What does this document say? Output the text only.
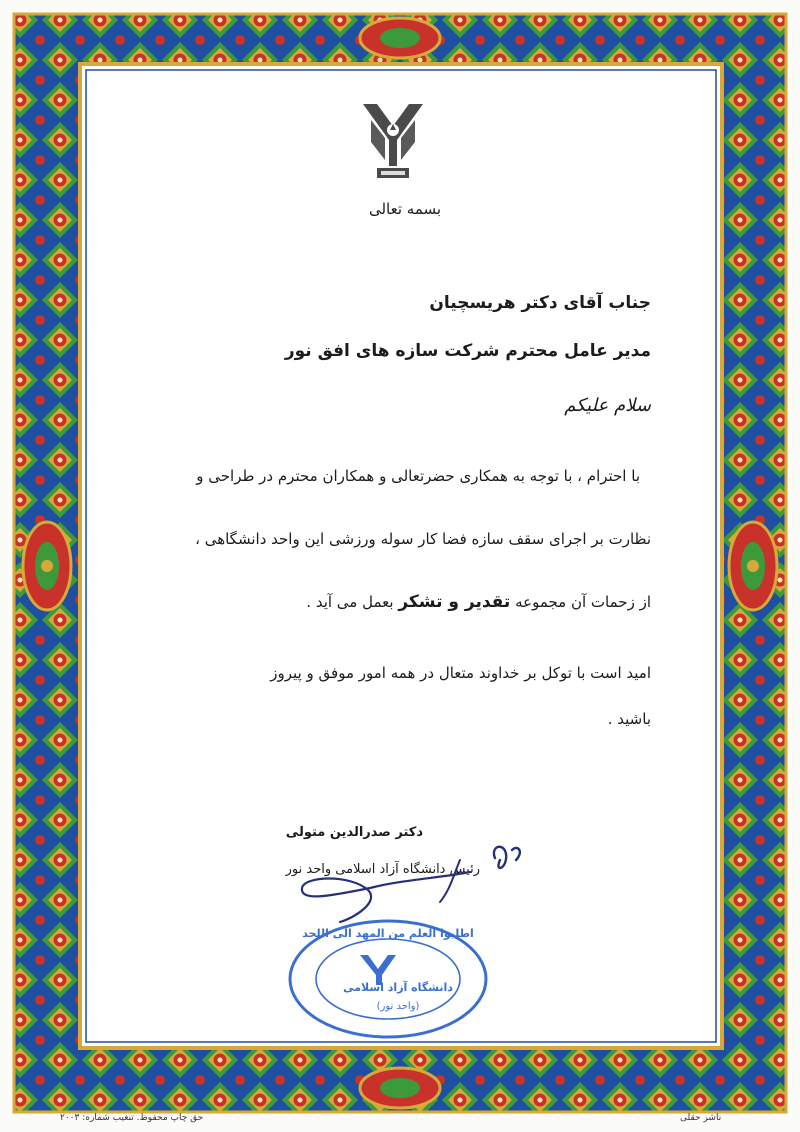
بسمه تعالی
جناب آقای دکتر هریسچیان
مدیر عامل محترم شرکت سازه های افق نور
سلام علیکم
با احترام ، با توجه به همکاری حضرتعالی و همکاران محترم در طراحی و
نظارت بر اجرای سقف سازه فضا کار سوله ورزشی این واحد دانشگاهی ،
از زحمات آن مجموعه تقدیر و تشکر بعمل می آید .
امید است با توکل بر خداوند متعال در همه امور موفق و پیروز
باشید .
دکتر صدرالدین متولی
رئیس دانشگاه آزاد اسلامی واحد نور
اطلبوا العلم من المهد الی اللحد
دانشگاه آزاد اسلامی
(واحد نور)
ناشر حقلی
حق چاپ محفوظ. تنغیب شماره: ۲۰۰۳
